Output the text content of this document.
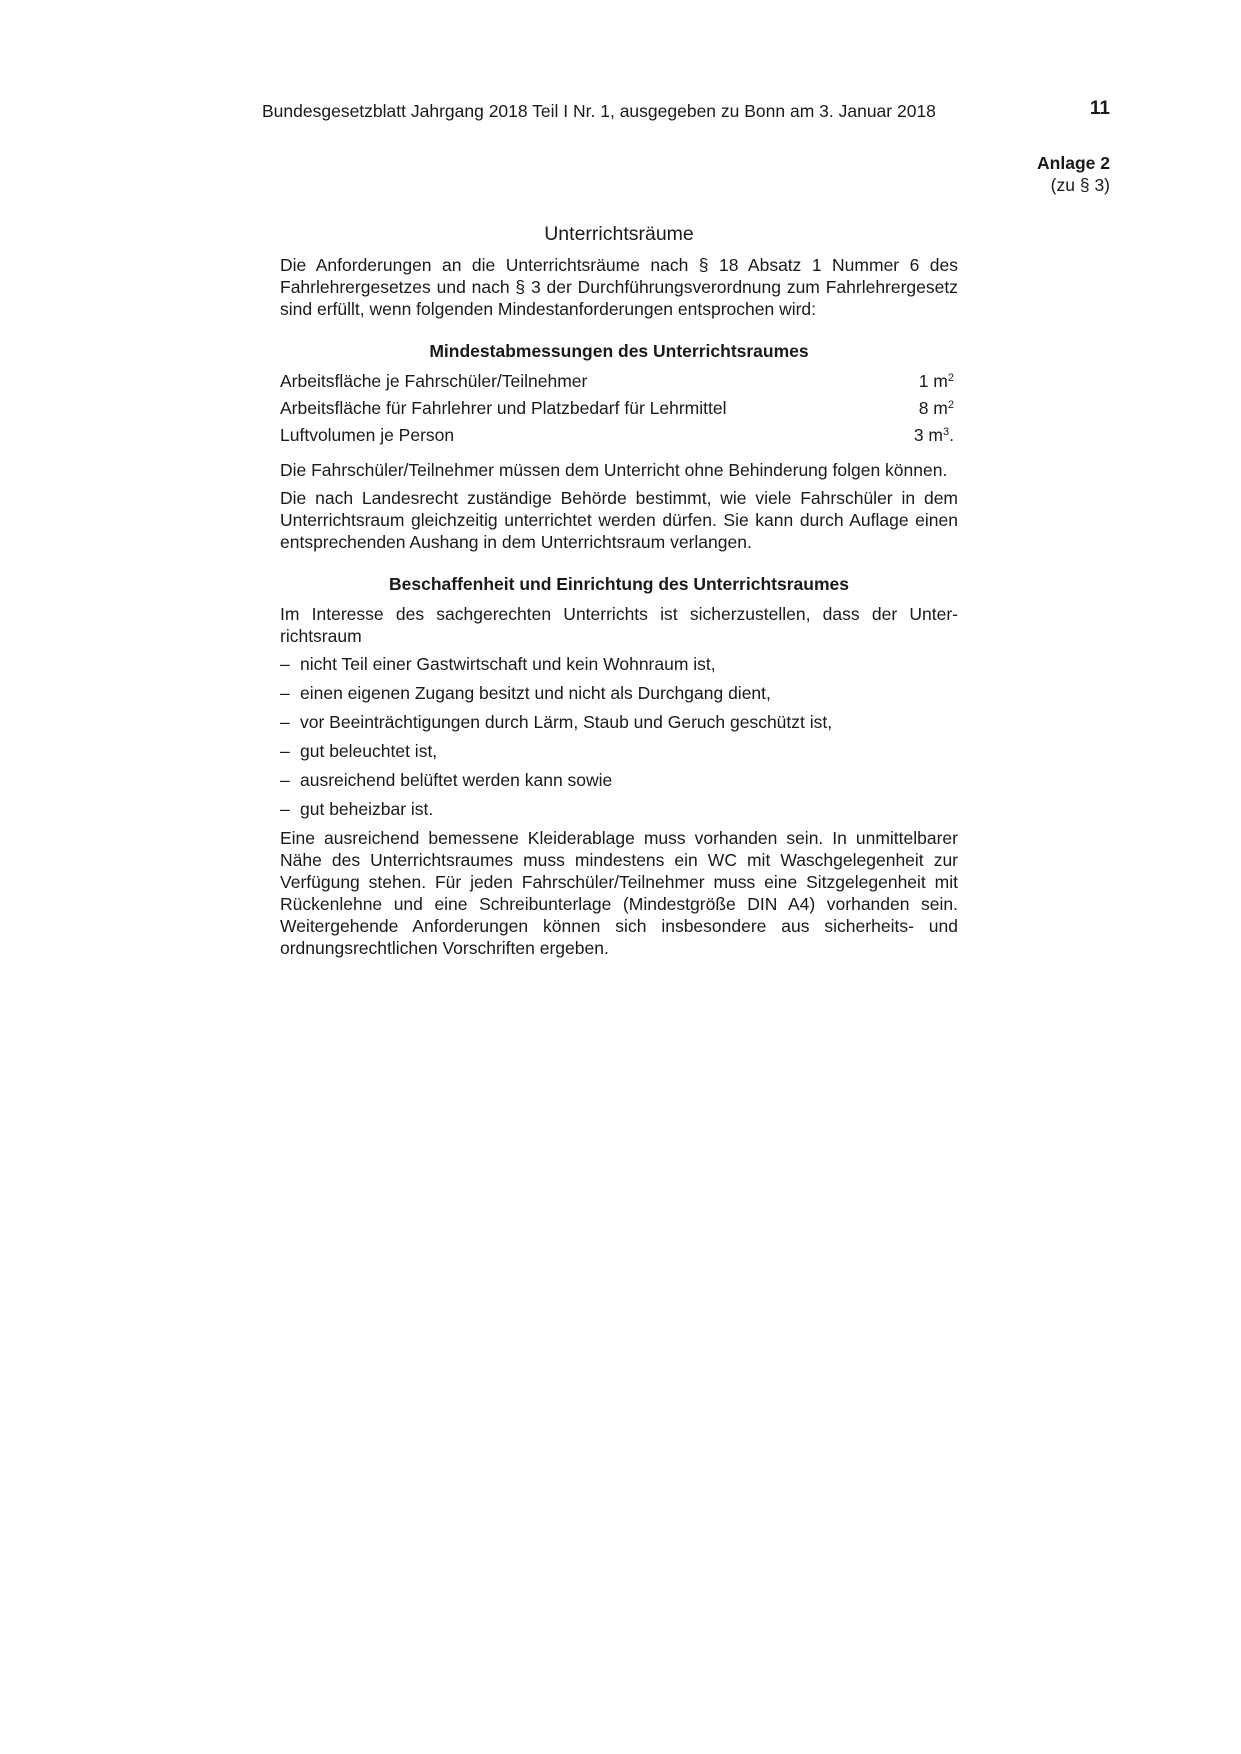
Bundesgesetzblatt Jahrgang 2018 Teil I Nr. 1, ausgegeben zu Bonn am 3. Januar 2018	11
Anlage 2
(zu § 3)
Unterrichtsräume

Die Anforderungen an die Unterrichtsräume nach § 18 Absatz 1 Nummer 6 des Fahrlehrergesetzes und nach § 3 der Durchführungsverordnung zum Fahrlehrergesetz sind erfüllt, wenn folgenden Mindestanforderungen entsprochen wird:

Mindestabmessungen des Unterrichtsraumes
Arbeitsfläche je Fahrschüler/Teilnehmer	1 $m^2$
Arbeitsfläche für Fahrlehrer und Platzbedarf für Lehrmittel	8 $m^2$
Luftvolumen je Person	3 $m^3$.

Die Fahrschüler/Teilnehmer müssen dem Unterricht ohne Behinderung folgen können.

Die nach Landesrecht zuständige Behörde bestimmt, wie viele Fahrschüler in dem Unterrichtsraum gleichzeitig unterrichtet werden dürfen. Sie kann durch Auflage einen entsprechenden Aushang in dem Unterrichtsraum verlangen.

Beschaffenheit und Einrichtung des Unterrichtsraumes

Im Interesse des sachgerechten Unterrichts ist sicherzustellen, dass der Unterrichtsraum

– nicht Teil einer Gastwirtschaft und kein Wohnraum ist,
– einen eigenen Zugang besitzt und nicht als Durchgang dient,
– vor Beeinträchtigungen durch Lärm, Staub und Geruch geschützt ist,
– gut beleuchtet ist,
– ausreichend belüftet werden kann sowie
– gut beheizbar ist.

Eine ausreichend bemessene Kleiderablage muss vorhanden sein. In unmittelbarer Nähe des Unterrichtsraumes muss mindestens ein WC mit Waschgelegenheit zur Verfügung stehen. Für jeden Fahrschüler/Teilnehmer muss eine Sitzgelegenheit mit Rückenlehne und eine Schreibunterlage (Mindestgröße DIN A4) vorhanden sein. Weitergehende Anforderungen können sich insbesondere aus sicherheits- und ordnungsrechtlichen Vorschriften ergeben.
